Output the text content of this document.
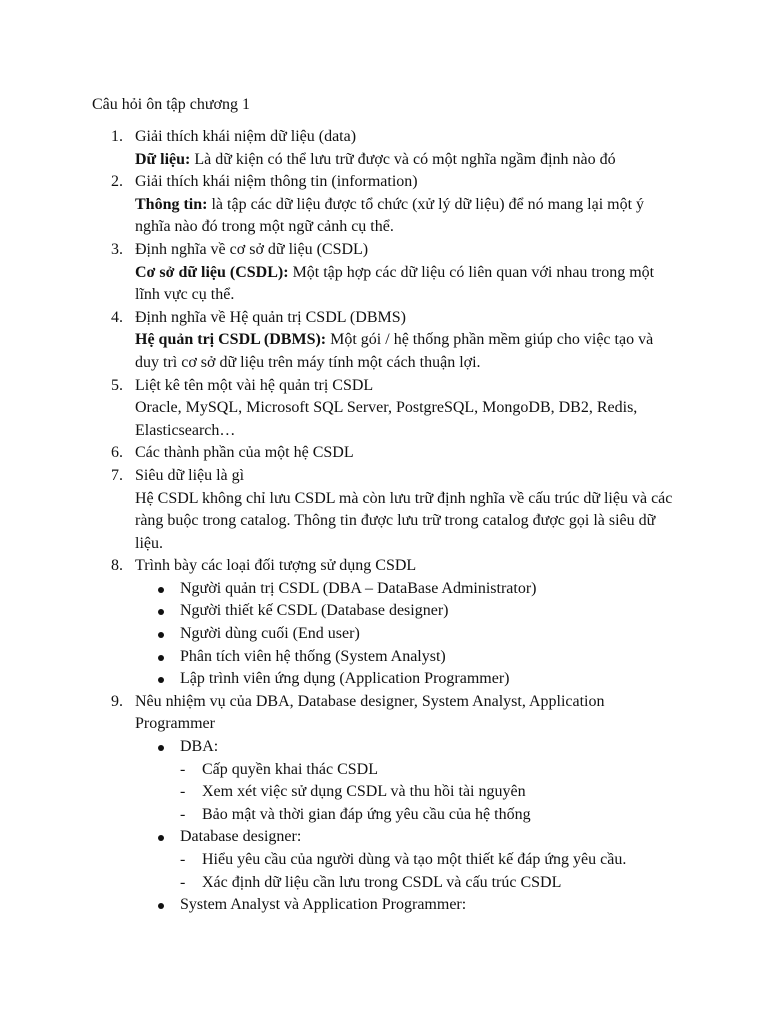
Câu hỏi ôn tập chương 1
1. Giải thích khái niệm dữ liệu (data)
Dữ liệu: Là dữ kiện có thể lưu trữ được và có một nghĩa ngầm định nào đó
2. Giải thích khái niệm thông tin (information)
Thông tin: là tập các dữ liệu được tổ chức (xử lý dữ liệu) để nó mang lại một ý nghĩa nào đó trong một ngữ cảnh cụ thể.
3. Định nghĩa về cơ sở dữ liệu (CSDL)
Cơ sở dữ liệu (CSDL): Một tập hợp các dữ liệu có liên quan với nhau trong một lĩnh vực cụ thể.
4. Định nghĩa về Hệ quản trị CSDL (DBMS)
Hệ quản trị CSDL (DBMS): Một gói / hệ thống phần mềm giúp cho việc tạo và duy trì cơ sở dữ liệu trên máy tính một cách thuận lợi.
5. Liệt kê tên một vài hệ quản trị CSDL
Oracle, MySQL, Microsoft SQL Server, PostgreSQL, MongoDB, DB2, Redis, Elasticsearch…
6. Các thành phần của một hệ CSDL
7. Siêu dữ liệu là gì
Hệ CSDL không chỉ lưu CSDL mà còn lưu trữ định nghĩa về cấu trúc dữ liệu và các ràng buộc trong catalog. Thông tin được lưu trữ trong catalog được gọi là siêu dữ liệu.
8. Trình bày các loại đối tượng sử dụng CSDL
Người quản trị CSDL (DBA – DataBase Administrator)
Người thiết kế CSDL (Database designer)
Người dùng cuối (End user)
Phân tích viên hệ thống (System Analyst)
Lập trình viên ứng dụng (Application Programmer)
9. Nêu nhiệm vụ của DBA, Database designer, System Analyst, Application Programmer
DBA:
- Cấp quyền khai thác CSDL
- Xem xét việc sử dụng CSDL và thu hồi tài nguyên
- Bảo mật và thời gian đáp ứng yêu cầu của hệ thống
Database designer:
- Hiểu yêu cầu của người dùng và tạo một thiết kế đáp ứng yêu cầu.
- Xác định dữ liệu cần lưu trong CSDL và cấu trúc CSDL
System Analyst và Application Programmer:
